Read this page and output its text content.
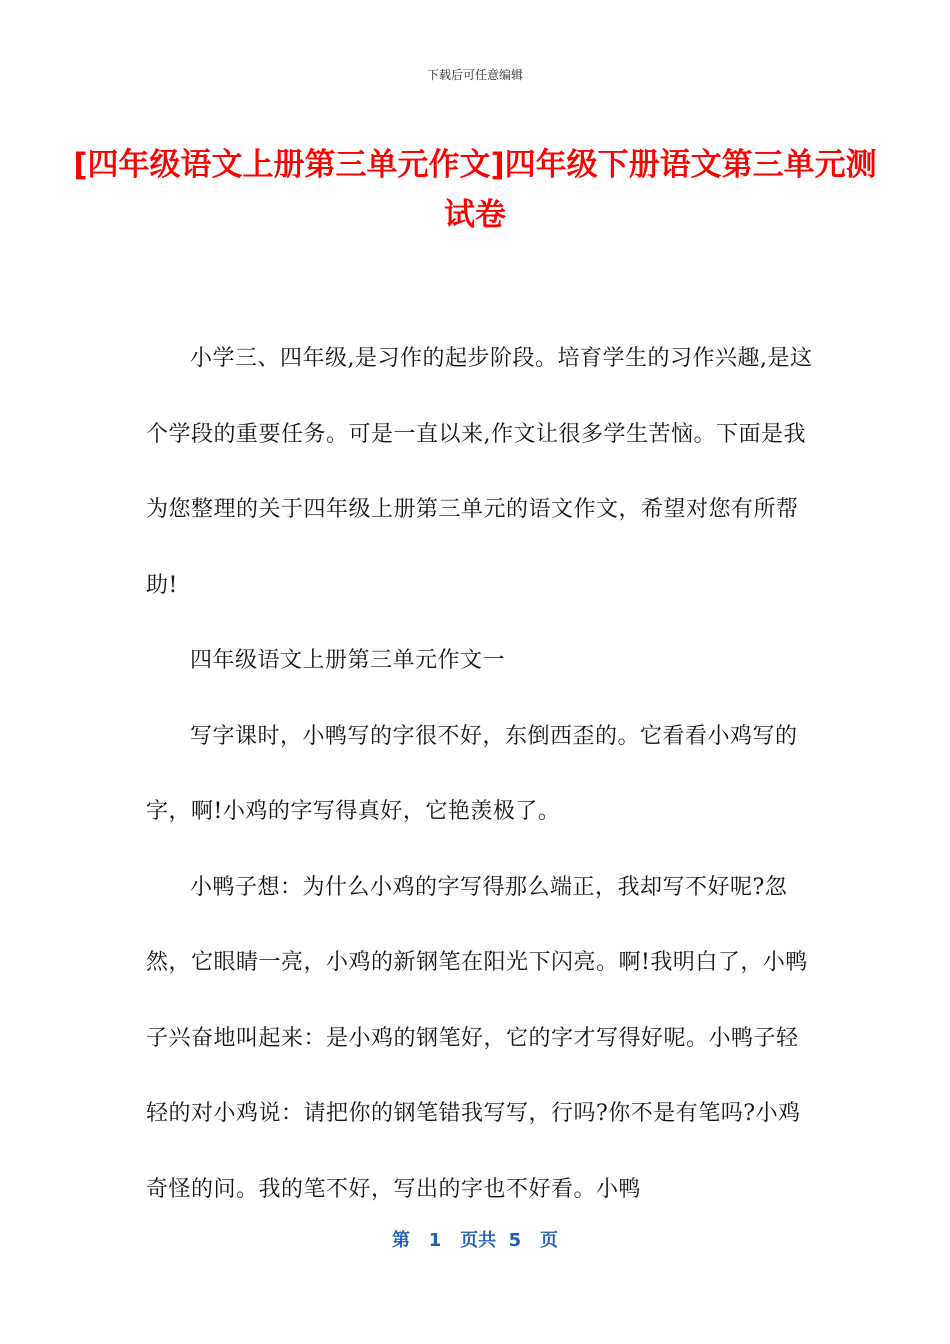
下载后可任意编辑
[四年级语文上册第三单元作文]四年级下册语文第三单元测试卷

小学三、四年级,是习作的起步阶段。培育学生的习作兴趣,是这个学段的重要任务。可是一直以来,作文让很多学生苦恼。下面是我为您整理的关于四年级上册第三单元的语文作文，希望对您有所帮助!

四年级语文上册第三单元作文一

写字课时，小鸭写的字很不好，东倒西歪的。它看看小鸡写的字，啊!小鸡的字写得真好，它艳羡极了。

小鸭子想：为什么小鸡的字写得那么端正，我却写不好呢?忽然，它眼睛一亮，小鸡的新钢笔在阳光下闪亮。啊!我明白了，小鸭子兴奋地叫起来：是小鸡的钢笔好，它的字才写得好呢。小鸭子轻轻的对小鸡说：请把你的钢笔错我写写，行吗?你不是有笔吗?小鸡奇怪的问。我的笔不好，写出的字也不好看。小鸭

第 1 页共 5 页
